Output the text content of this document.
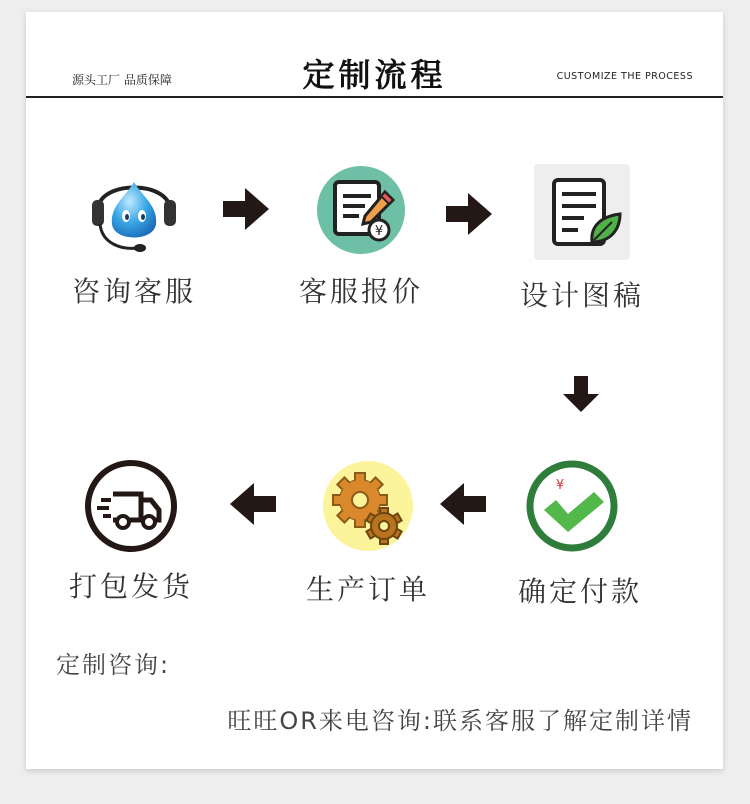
源头工厂 品质保障	定制流程	CUSTOMIZE THE PROCESS
咨询客服
¥
客服报价	设计图稿
打包发货	生产订单
¥
确定付款
定制咨询:
旺旺OR来电咨询:联系客服了解定制详情
